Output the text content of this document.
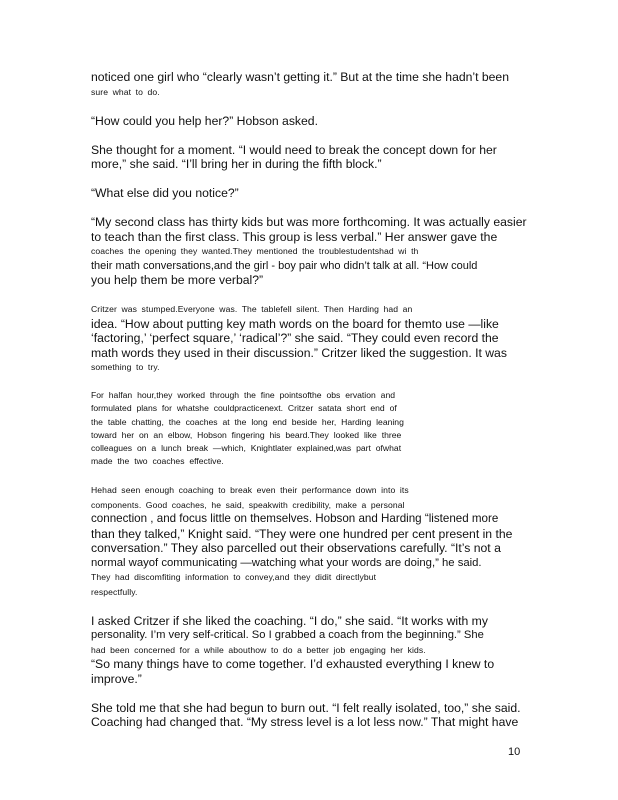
noticed one girl who “clearly wasn’t getting it.” But at the time she hadn’t been
sure what to do.

“How could you help her?” Hobson asked.

She thought for a moment. “I would need to break the concept down for her
more,” she said. “I’ll bring her in during the fifth block.”

“What else did you notice?”

“My second class has thirty kids but was more forthcoming. It was actually easier
to teach than the first class. This group is less verbal.” Her answer gave the
coaches the opening they wanted.They mentioned the troublestudentshad wi th
their math conversations,and the girl - boy pair who didn’t talk at all. “How could
you help them be more verbal?”

Critzer was stumped.Everyone was. The tablefell silent. Then Harding had an
idea. “How about putting key math words on the board for themto use —like
‘factoring,’ ‘perfect square,’ ‘radical’?” she said. “They could even record the
math words they used in their discussion.” Critzer liked the suggestion. It was
something to try.

For halfan hour,they worked through the fine pointsofthe obs ervation and
formulated plans for whatshe couldpracticenext. Critzer satata short end of
the table chatting, the coaches at the long end beside her, Harding leaning
toward her on an elbow, Hobson fingering his beard.They looked like three
colleagues on a lunch break —which, Knightlater explained,was part ofwhat
made the two coaches effective.

Hehad seen enough coaching to break even their performance down into its
components. Good coaches, he said, speakwith credibility, make a personal
connection , and focus little on themselves. Hobson and Harding “listened more
than they talked,” Knight said. “They were one hundred per cent present in the
conversation.” They also parcelled out their observations carefully. “It’s not a
normal wayof communicating —watching what your words are doing,” he said.
They had discomfiting information to convey,and they didit directlybut
respectfully.

I asked Critzer if she liked the coaching. “I do,” she said. “It works with my
personality. I’m very self-critical. So I grabbed a coach from the beginning.” She
had been concerned for a while abouthow to do a better job engaging her kids.
“So many things have to come together. I’d exhausted everything I knew to
improve.”

She told me that she had begun to burn out. “I felt really isolated, too,” she said.
Coaching had changed that. “My stress level is a lot less now.” That might have

10
